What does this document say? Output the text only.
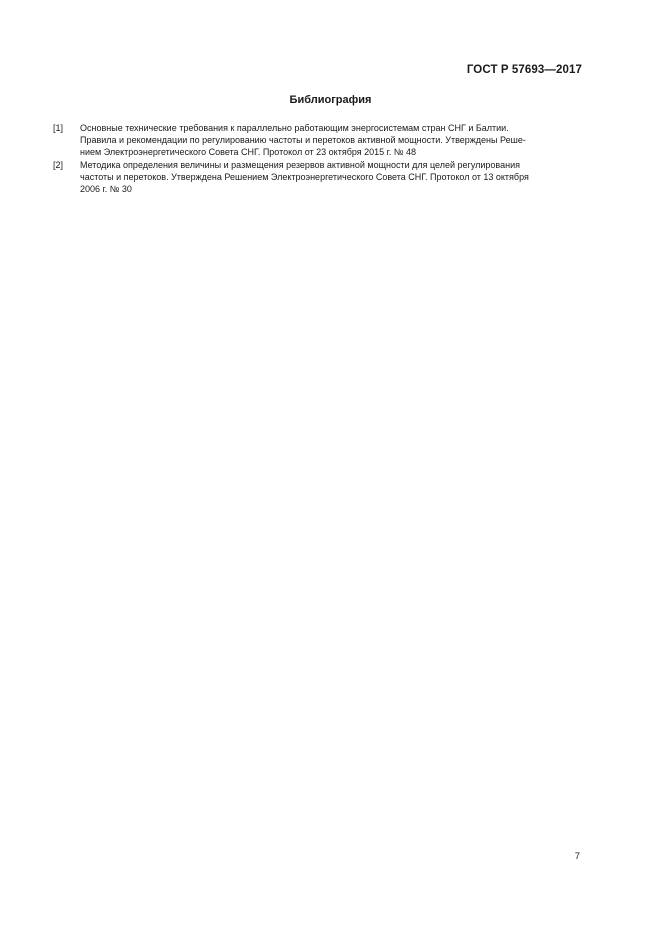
ГОСТ Р 57693—2017
Библиография
[1]	Основные технические требования к параллельно работающим энергосистемам стран СНГ и Балтии.
Правила и рекомендации по регулированию частоты и перетоков активной мощности. Утверждены Реше-
нием Электроэнергетического Совета СНГ. Протокол от 23 октября 2015 г. № 48
[2]	Методика определения величины и размещения резервов активной мощности для целей регулирования
частоты и перетоков. Утверждена Решением Электроэнергетического Совета СНГ. Протокол от 13 октября
2006 г. № 30
7
